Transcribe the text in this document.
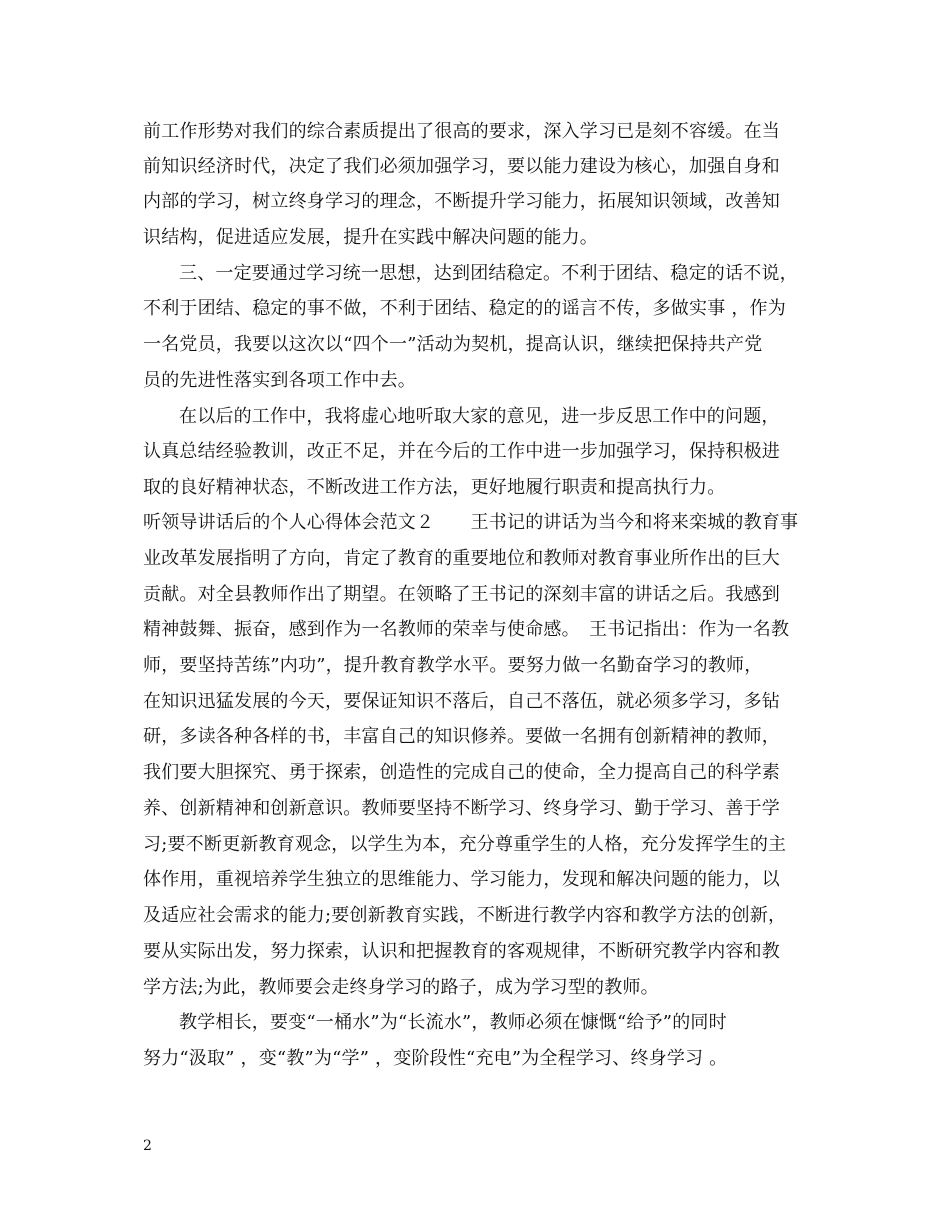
前工作形势对我们的综合素质提出了很高的要求，深入学习已是刻不容缓。在当
前知识经济时代，决定了我们必须加强学习，要以能力建设为核心，加强自身和
内部的学习，树立终身学习的理念，不断提升学习能力，拓展知识领域，改善知
识结构，促进适应发展，提升在实践中解决问题的能力。
三、一定要通过学习统一思想，达到团结稳定。不利于团结、稳定的话不说，
不利于团结、稳定的事不做，不利于团结、稳定的的谣言不传，多做实事 ，作为
一名党员，我要以这次以“四个一”活动为契机，提高认识，继续把保持共产党
员的先进性落实到各项工作中去。
在以后的工作中，我将虚心地听取大家的意见，进一步反思工作中的问题，
认真总结经验教训，改正不足，并在今后的工作中进一步加强学习，保持积极进
取的良好精神状态，不断改进工作方法，更好地履行职责和提高执行力。
听领导讲话后的个人心得体会范文２　　王书记的讲话为当今和将来栾城的教育事
业改革发展指明了方向，肯定了教育的重要地位和教师对教育事业所作出的巨大
贡献。对全县教师作出了期望。在领略了王书记的深刻丰富的讲话之后。我感到
精神鼓舞、振奋，感到作为一名教师的荣幸与使命感。　王书记指出：作为一名教
师，要坚持苦练”内功”，提升教育教学水平。要努力做一名勤奋学习的教师，
在知识迅猛发展的今天，要保证知识不落后，自己不落伍，就必须多学习，多钻
研，多读各种各样的书，丰富自己的知识修养。要做一名拥有创新精神的教师，
我们要大胆探究、勇于探索，创造性的完成自己的使命，全力提高自己的科学素
养、创新精神和创新意识。教师要坚持不断学习、终身学习、勤于学习、善于学
习;要不断更新教育观念，以学生为本，充分尊重学生的人格，充分发挥学生的主
体作用，重视培养学生独立的思维能力、学习能力，发现和解决问题的能力，以
及适应社会需求的能力;要创新教育实践，不断进行教学内容和教学方法的创新，
要从实际出发，努力探索，认识和把握教育的客观规律，不断研究教学内容和教
学方法;为此，教师要会走终身学习的路子，成为学习型的教师。
教学相长，要变“一桶水”为“长流水”，教师必须在慷慨“给予”的同时
努力“汲取” ，变“教”为“学” ，变阶段性“充电”为全程学习、终身学习 。
2
